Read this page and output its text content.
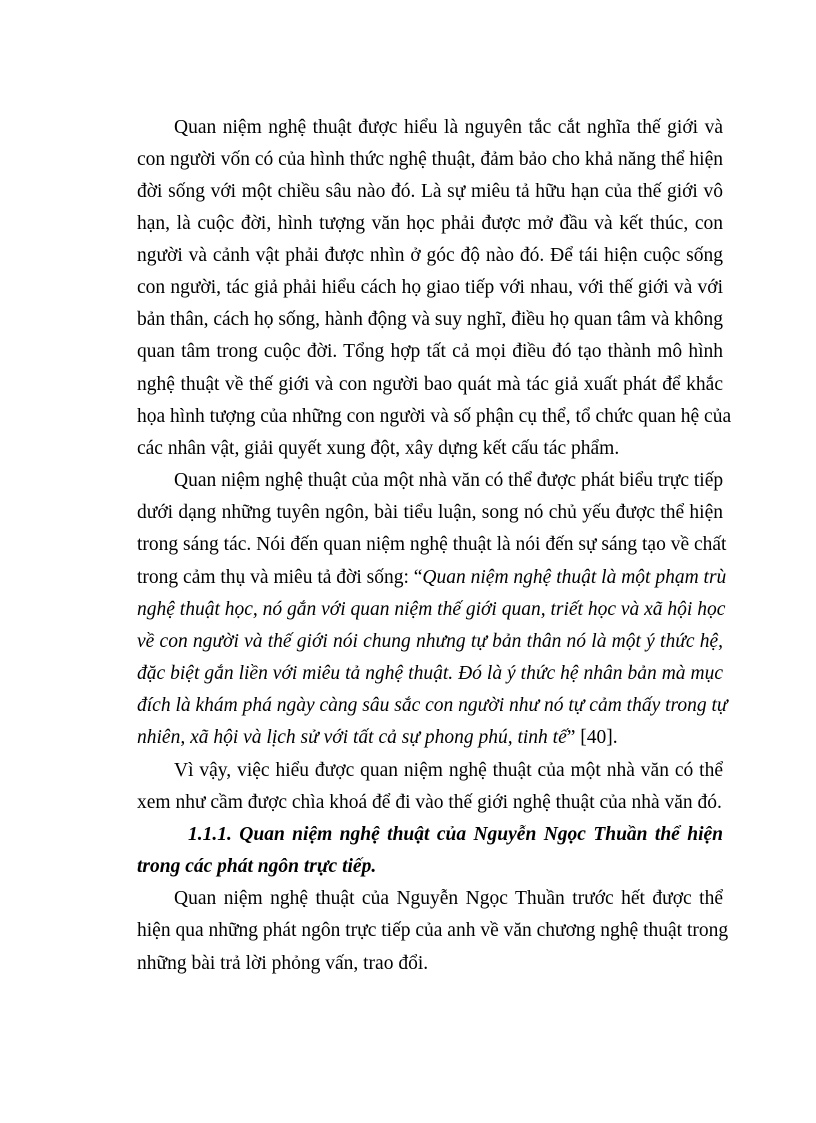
Quan niệm nghệ thuật được hiểu là nguyên tắc cắt nghĩa thế giới và
con người vốn có của hình thức nghệ thuật, đảm bảo cho khả năng thể hiện
đời sống với một chiều sâu nào đó. Là sự miêu tả hữu hạn của thế giới vô
hạn, là cuộc đời, hình tượng văn học phải được mở đầu và kết thúc, con
người và cảnh vật phải được nhìn ở góc độ nào đó. Để tái hiện cuộc sống
con người, tác giả phải hiểu cách họ giao tiếp với nhau, với thế giới và với
bản thân, cách họ sống, hành động và suy nghĩ, điều họ quan tâm và không
quan tâm trong cuộc đời. Tổng hợp tất cả mọi điều đó tạo thành mô hình
nghệ thuật về thế giới và con người bao quát mà tác giả xuất phát để khắc
họa hình tượng của những con người và số phận cụ thể, tổ chức quan hệ của
các nhân vật, giải quyết xung đột, xây dựng kết cấu tác phẩm.
Quan niệm nghệ thuật của một nhà văn có thể được phát biểu trực tiếp
dưới dạng những tuyên ngôn, bài tiểu luận, song nó chủ yếu được thể hiện
trong sáng tác. Nói đến quan niệm nghệ thuật là nói đến sự sáng tạo về chất
trong cảm thụ và miêu tả đời sống: “Quan niệm nghệ thuật là một phạm trù
nghệ thuật học, nó gắn với quan niệm thế giới quan, triết học và xã hội học
về con người và thế giới nói chung nhưng tự bản thân nó là một ý thức hệ,
đặc biệt gắn liền với miêu tả nghệ thuật. Đó là ý thức hệ nhân bản mà mục
đích là khám phá ngày càng sâu sắc con người như nó tự cảm thấy trong tự
nhiên, xã hội và lịch sử với tất cả sự phong phú, tinh tế” [40].
Vì vậy, việc hiểu được quan niệm nghệ thuật của một nhà văn có thể
xem như cầm được chìa khoá để đi vào thế giới nghệ thuật của nhà văn đó.
1.1.1. Quan niệm nghệ thuật của Nguyễn Ngọc Thuần thể hiện
trong các phát ngôn trực tiếp.
Quan niệm nghệ thuật của Nguyễn Ngọc Thuần trước hết được thể
hiện qua những phát ngôn trực tiếp của anh về văn chương nghệ thuật trong
những bài trả lời phỏng vấn, trao đổi.
